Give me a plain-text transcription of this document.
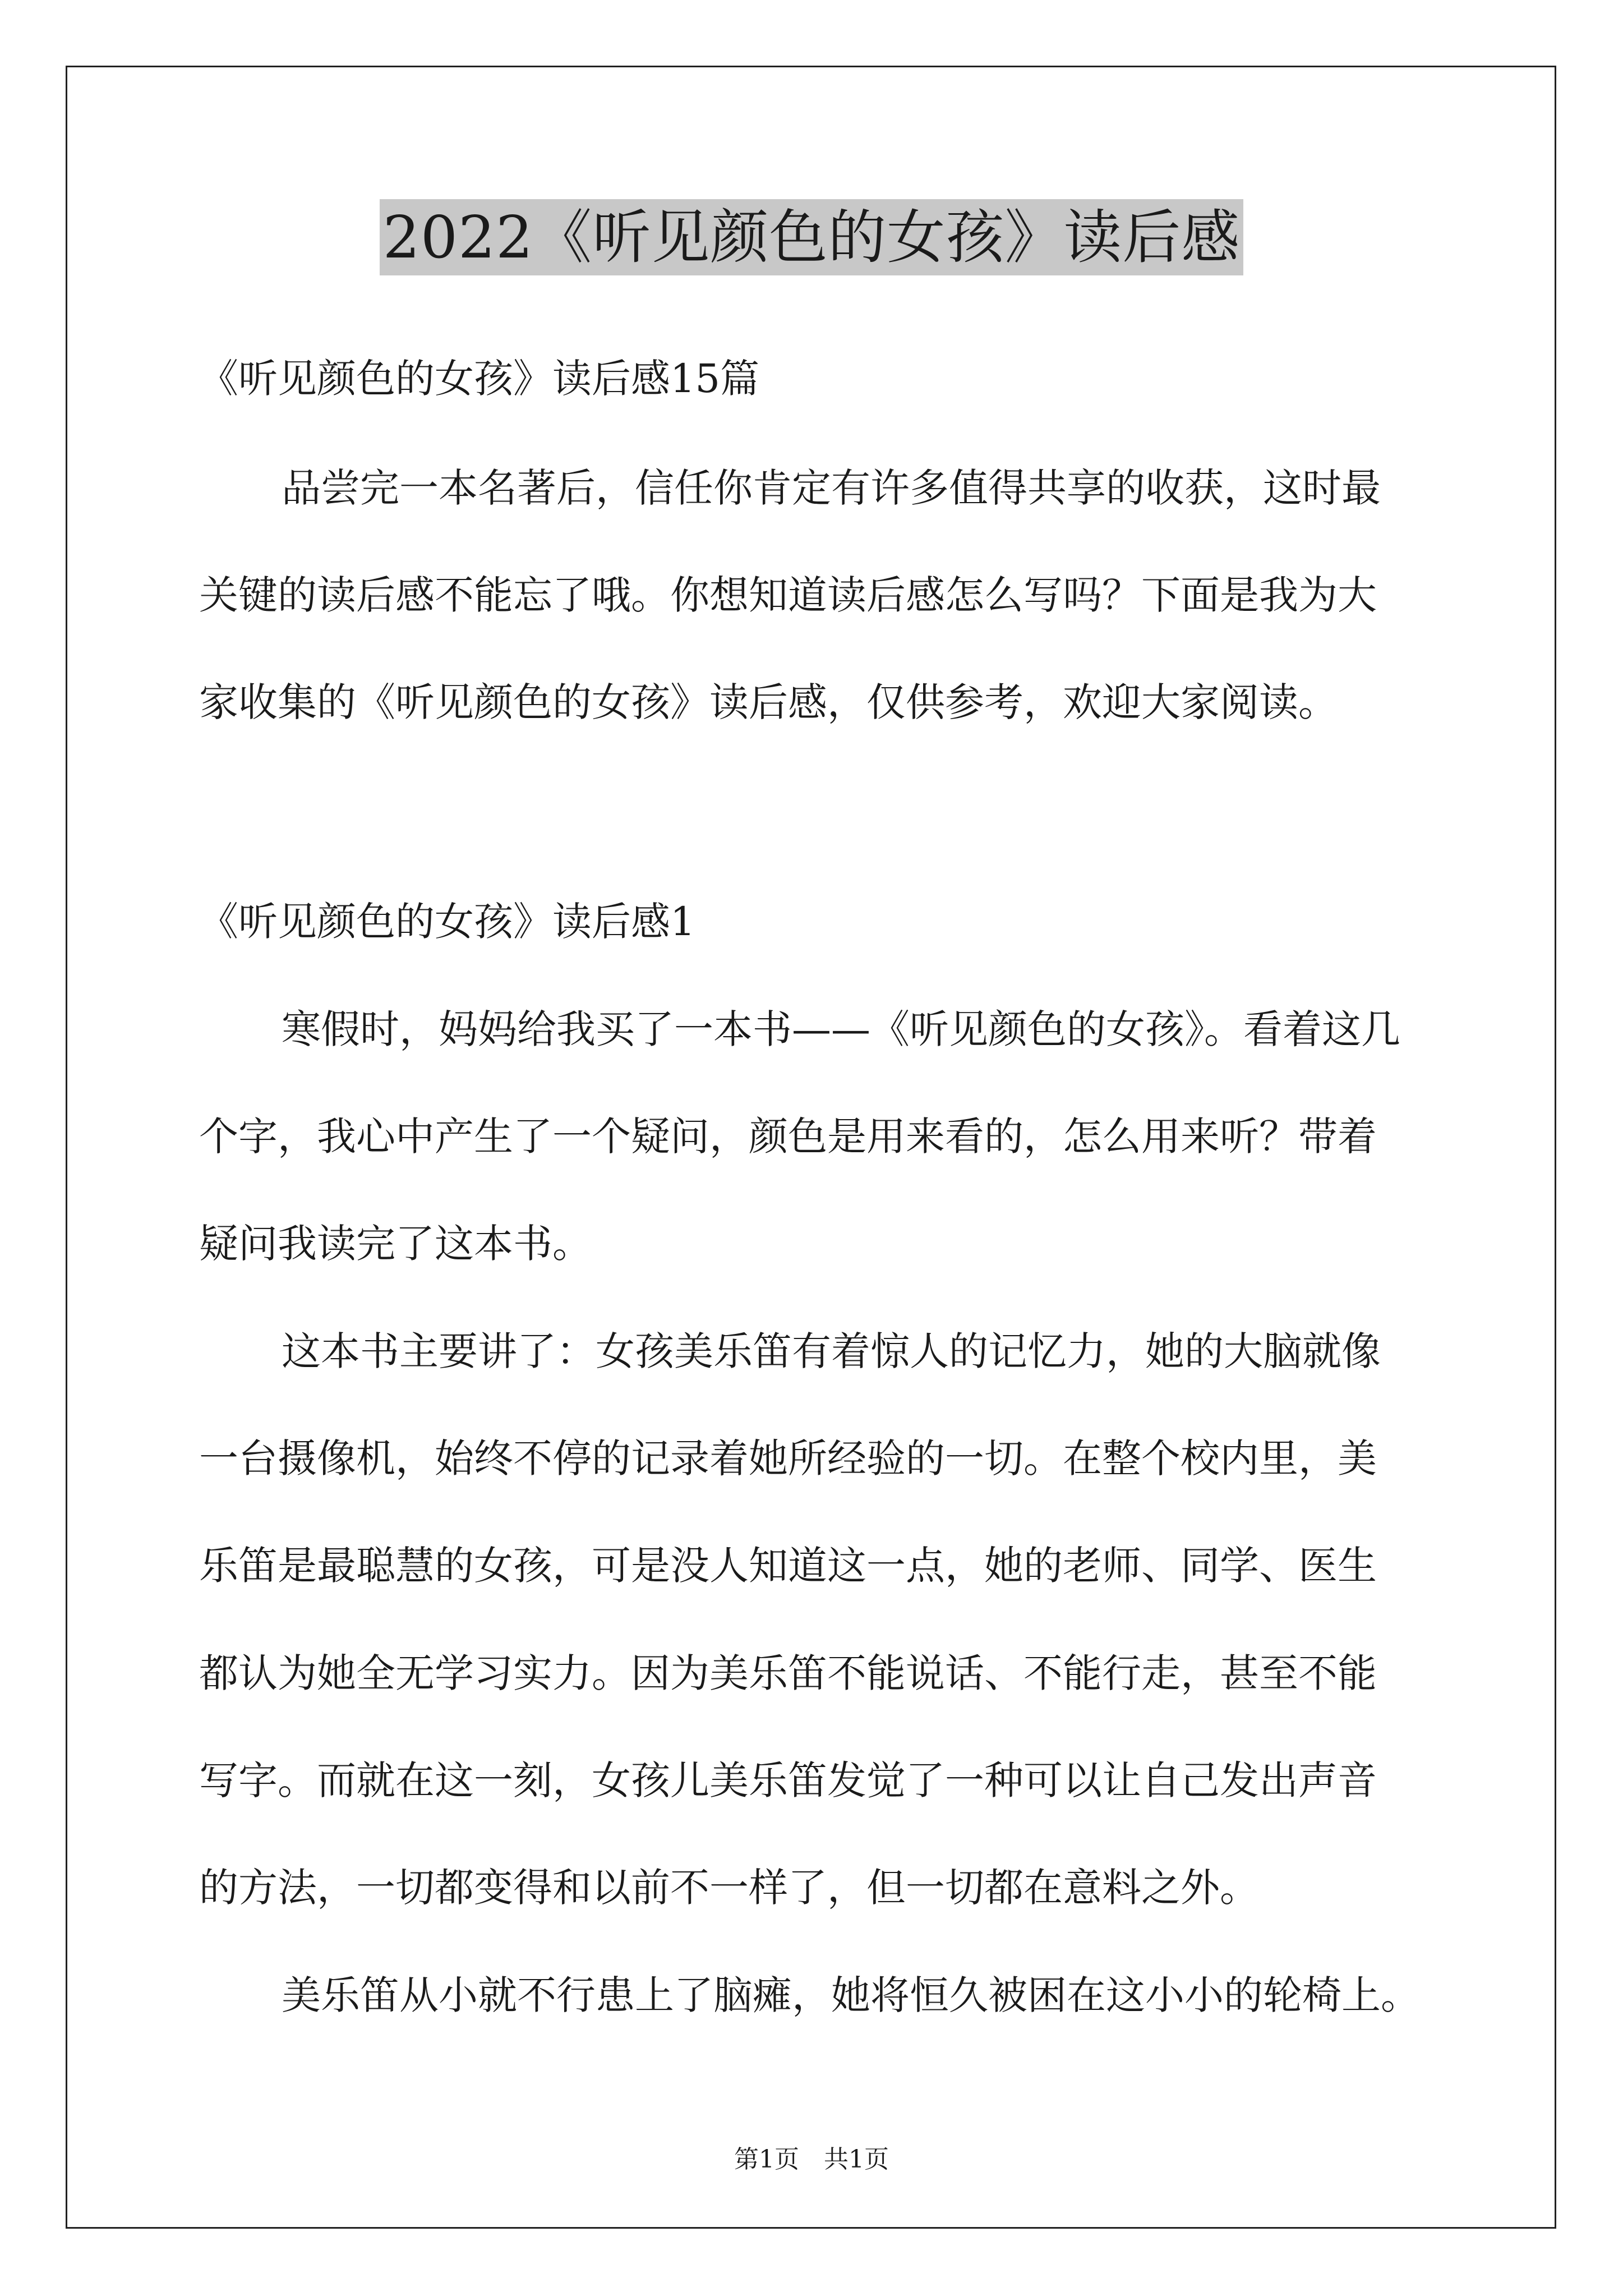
2022《听见颜色的女孩》读后感
《听见颜色的女孩》读后感15篇
品尝完一本名著后，信任你肯定有许多值得共享的收获，这时最
关键的读后感不能忘了哦。你想知道读后感怎么写吗？下面是我为大
家收集的《听见颜色的女孩》读后感，仅供参考，欢迎大家阅读。
《听见颜色的女孩》读后感1
寒假时，妈妈给我买了一本书——《听见颜色的女孩》。看着这几
个字，我心中产生了一个疑问，颜色是用来看的，怎么用来听？带着
疑问我读完了这本书。
这本书主要讲了：女孩美乐笛有着惊人的记忆力，她的大脑就像
一台摄像机，始终不停的记录着她所经验的一切。在整个校内里，美
乐笛是最聪慧的女孩，可是没人知道这一点，她的老师、同学、医生
都认为她全无学习实力。因为美乐笛不能说话、不能行走，甚至不能
写字。而就在这一刻，女孩儿美乐笛发觉了一种可以让自己发出声音
的方法，一切都变得和以前不一样了，但一切都在意料之外。
美乐笛从小就不行患上了脑瘫，她将恒久被困在这小小的轮椅上。
第1页　共1页
